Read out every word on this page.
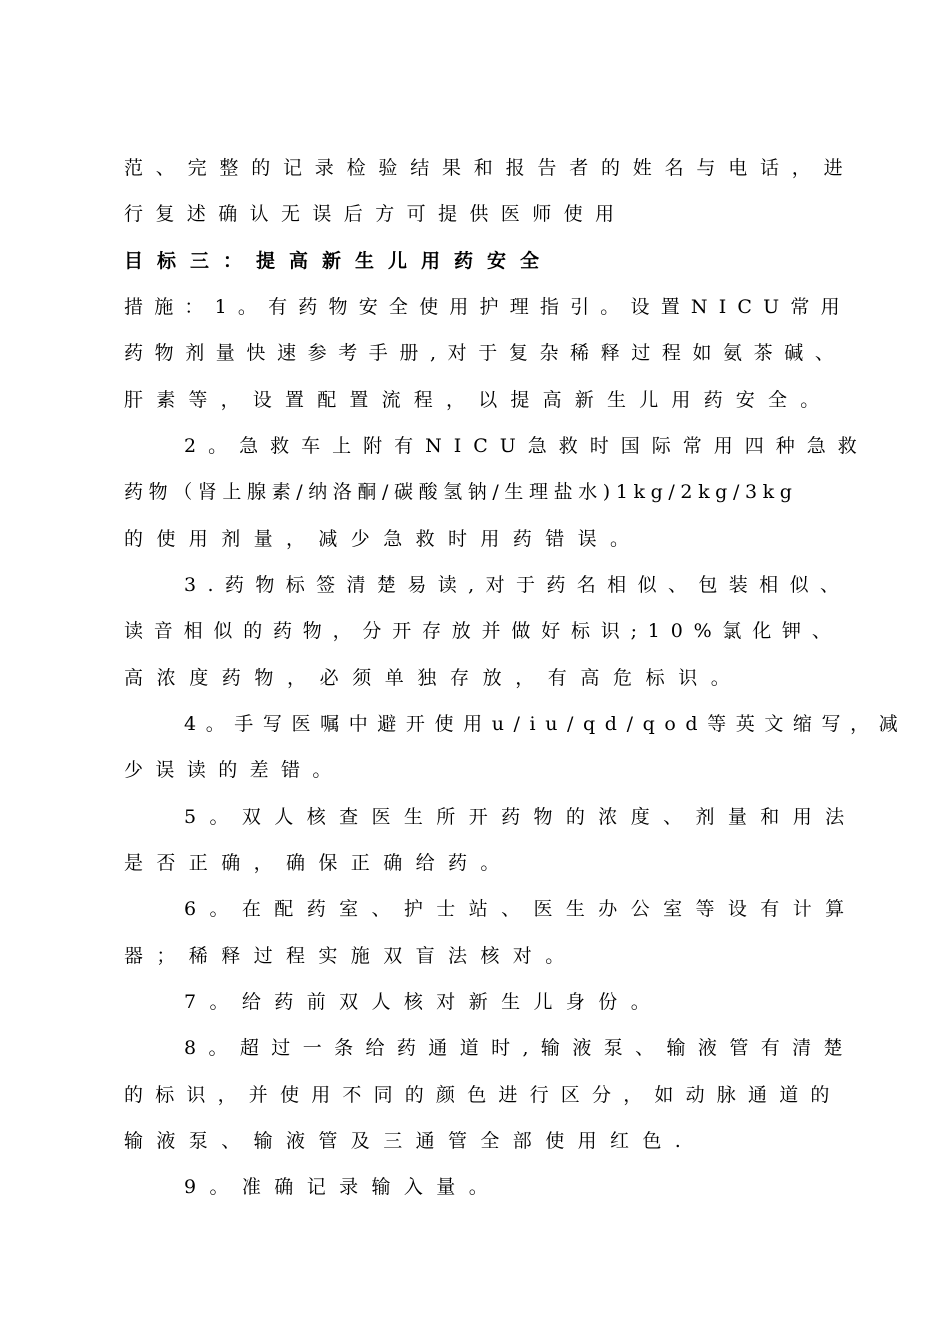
范、完整的记录检验结果和报告者的姓名与电话，进
行复述确认无误后方可提供医师使用
目标三：提高新生儿用药安全
措施：1。有药物安全使用护理指引。设置NICU常用
药物剂量快速参考手册,对于复杂稀释过程如氨茶碱、
肝素等，设置配置流程，以提高新生儿用药安全。
2。急救车上附有NICU急救时国际常用四种急救
药物（肾上腺素/纳洛酮/碳酸氢钠/生理盐水)1kg/2kg/3kg
的使用剂量，减少急救时用药错误。
3.药物标签清楚易读,对于药名相似、包装相似、
读音相似的药物，分开存放并做好标识;10%氯化钾、
高浓度药物，必须单独存放，有高危标识。
4。手写医嘱中避开使用u/iu/qd/qod等英文缩写，减
少误读的差错。
5。双人核查医生所开药物的浓度、剂量和用法
是否正确，确保正确给药。
6。在配药室、护士站、医生办公室等设有计算
器；稀释过程实施双盲法核对。
7。给药前双人核对新生儿身份。
8。超过一条给药通道时,输液泵、输液管有清楚
的标识，并使用不同的颜色进行区分，如动脉通道的
输液泵、输液管及三通管全部使用红色.
9。准确记录输入量。
